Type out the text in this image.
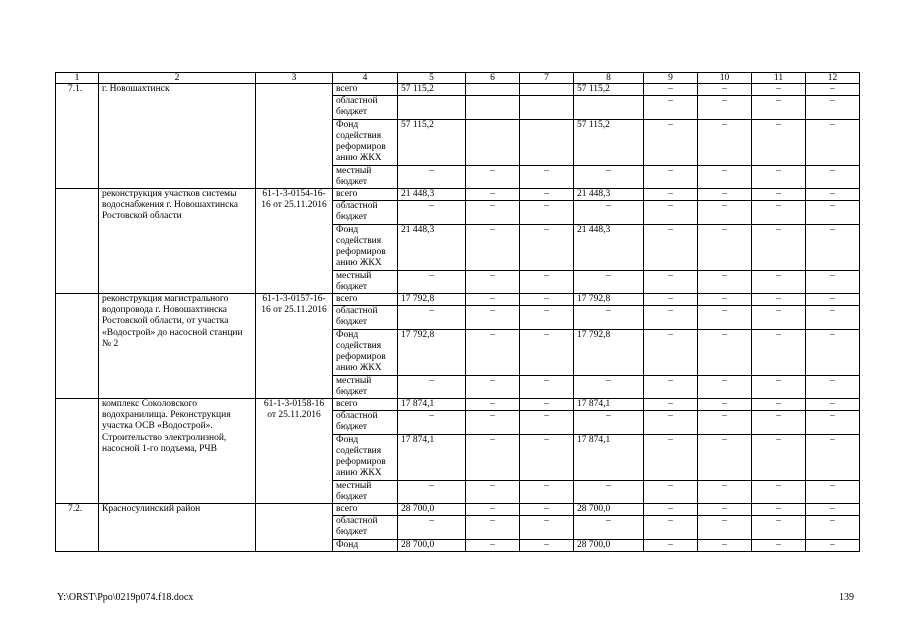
1	2	3	4	5	6	7	8	9	10	11	12
7.1.	г. Новошахтинск		всего	57 115,2			57 115,2	–	–	–	–
			областной бюджет					–	–	–	–
			Фонд содействия реформиров анию ЖКХ	57 115,2			57 115,2	–	–	–	–
			местный бюджет	–	–	–	–	–	–	–	–
	реконструкция участков системы водоснабжения г. Новошахтинска Ростовской области	61-1-3-0154-16-16 от 25.11.2016	всего	21 448,3	–	–	21 448,3	–	–	–	–
			областной бюджет	–	–	–	–	–	–	–	–
			Фонд содействия реформиров анию ЖКХ	21 448,3	–	–	21 448,3	–	–	–	–
			местный бюджет	–	–	–	–	–	–	–	–
	реконструкция магистрального водопровода г. Новошахтинска Ростовской области, от участка «Водострой» до насосной станции № 2	61-1-3-0157-16-16 от 25.11.2016	всего	17 792,8	–	–	17 792,8	–	–	–	–
			областной бюджет	–	–	–	–	–	–	–	–
			Фонд содействия реформиров анию ЖКХ	17 792,8	–	–	17 792,8	–	–	–	–
			местный бюджет	–	–	–	–	–	–	–	–
	комплекс Соколовского водохранилища. Реконструкция участка ОСВ «Водострой». Строительство электролизной, насосной 1-го подъема, РЧВ	61-1-3-0158-16 от 25.11.2016	всего	17 874,1	–	–	17 874,1	–	–	–	–
			областной бюджет	–	–	–	–	–	–	–	–
			Фонд содействия реформиров анию ЖКХ	17 874,1	–	–	17 874,1	–	–	–	–
			местный бюджет	–	–	–	–	–	–	–	–
7.2.	Красносулинский район		всего	28 700,0	–	–	28 700,0	–	–	–	–
			областной бюджет	–	–	–	–	–	–	–	–
			Фонд	28 700,0	–	–	28 700,0	–	–	–	–
Y:\ORST\Ppo\0219p074.f18.docx	139
